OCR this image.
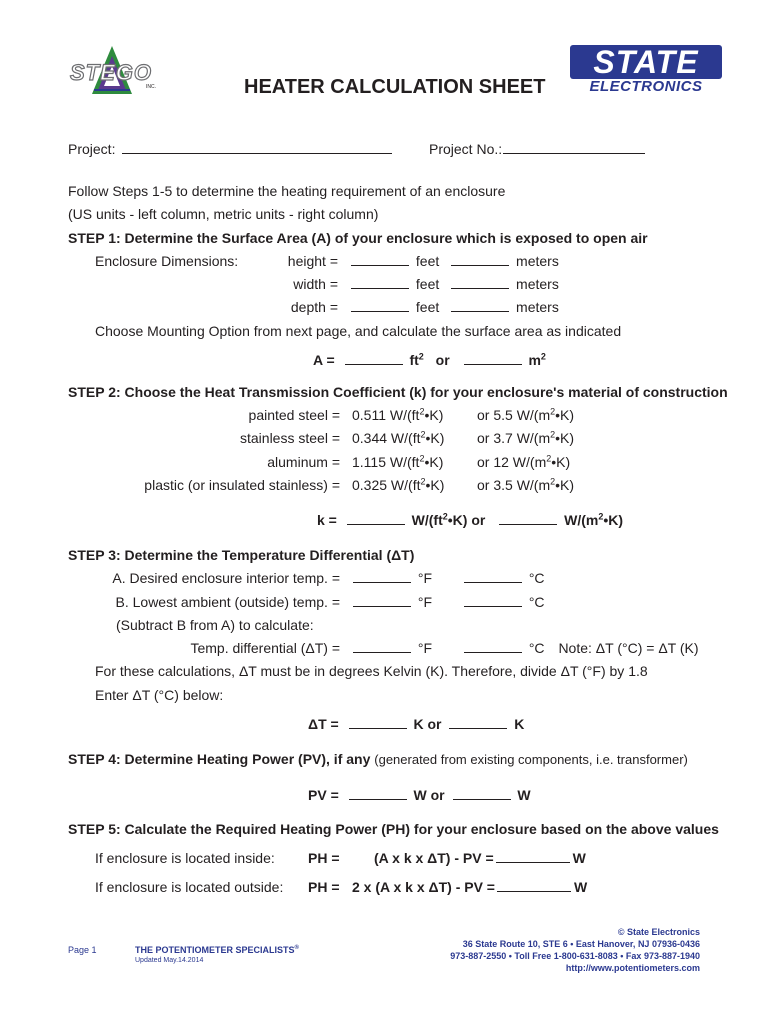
STEGO
INC.	HEATER CALCULATION SHEET
STATE
ELECTRONICS
Project:	Project No.:
Follow Steps 1-5 to determine the heating requirement of an enclosure
(US units - left column, metric units - right column)
STEP 1: Determine the Surface Area (A) of your enclosure which is exposed to open air
Enclosure Dimensions:	height =	feet	meters
width =	feet	meters
depth =	feet	meters
Choose Mounting Option from next page, and calculate the surface area as indicated
A =	$ft^2$ or	$m^2$
STEP 2: Choose the Heat Transmission Coefficient (k) for your enclosure's material of construction
painted steel = 0.511 $W/(ft^2•K)$ or 5.5 $W/(m^2•K)$
stainless steel = 0.344 $W/(ft^2•K)$ or 3.7 $W/(m^2•K)$
aluminum = 1.115 $W/(ft^2•K)$ or 12 $W/(m^2•K)$
plastic (or insulated stainless) = 0.325 $W/(ft^2•K)$ or 3.5 $W/(m^2•K)$
k =	$W/(ft^2•K)$ or	$W/(m^2•K)$
STEP 3: Determine the Temperature Differential (ΔT)
A. Desired enclosure interior temp. =	°F	°C
B. Lowest ambient (outside) temp. =	°F	°C
(Subtract B from A) to calculate:
Temp. differential (ΔT) =	°F	°C Note: ΔT (°C) = ΔT (K)
For these calculations, ΔT must be in degrees Kelvin (K). Therefore, divide ΔT (°F) by 1.8
Enter ΔT (°C) below:
ΔT =	K or	K
STEP 4: Determine Heating Power (PV), if any (generated from existing components, i.e. transformer)
PV =	W or	W
STEP 5: Calculate the Required Heating Power (PH) for your enclosure based on the above values
If enclosure is located inside: PH = (A x k x ΔT) - PV =	W
If enclosure is located outside: PH = 2 x (A x k x ΔT) - PV =	W
Page 1	THE POTENTIOMETER SPECIALISTS®
Updated May.14.2014
© State Electronics
36 State Route 10, STE 6 • East Hanover, NJ 07936-0436
973-887-2550 • Toll Free 1-800-631-8083 • Fax 973-887-1940
http://www.potentiometers.com
